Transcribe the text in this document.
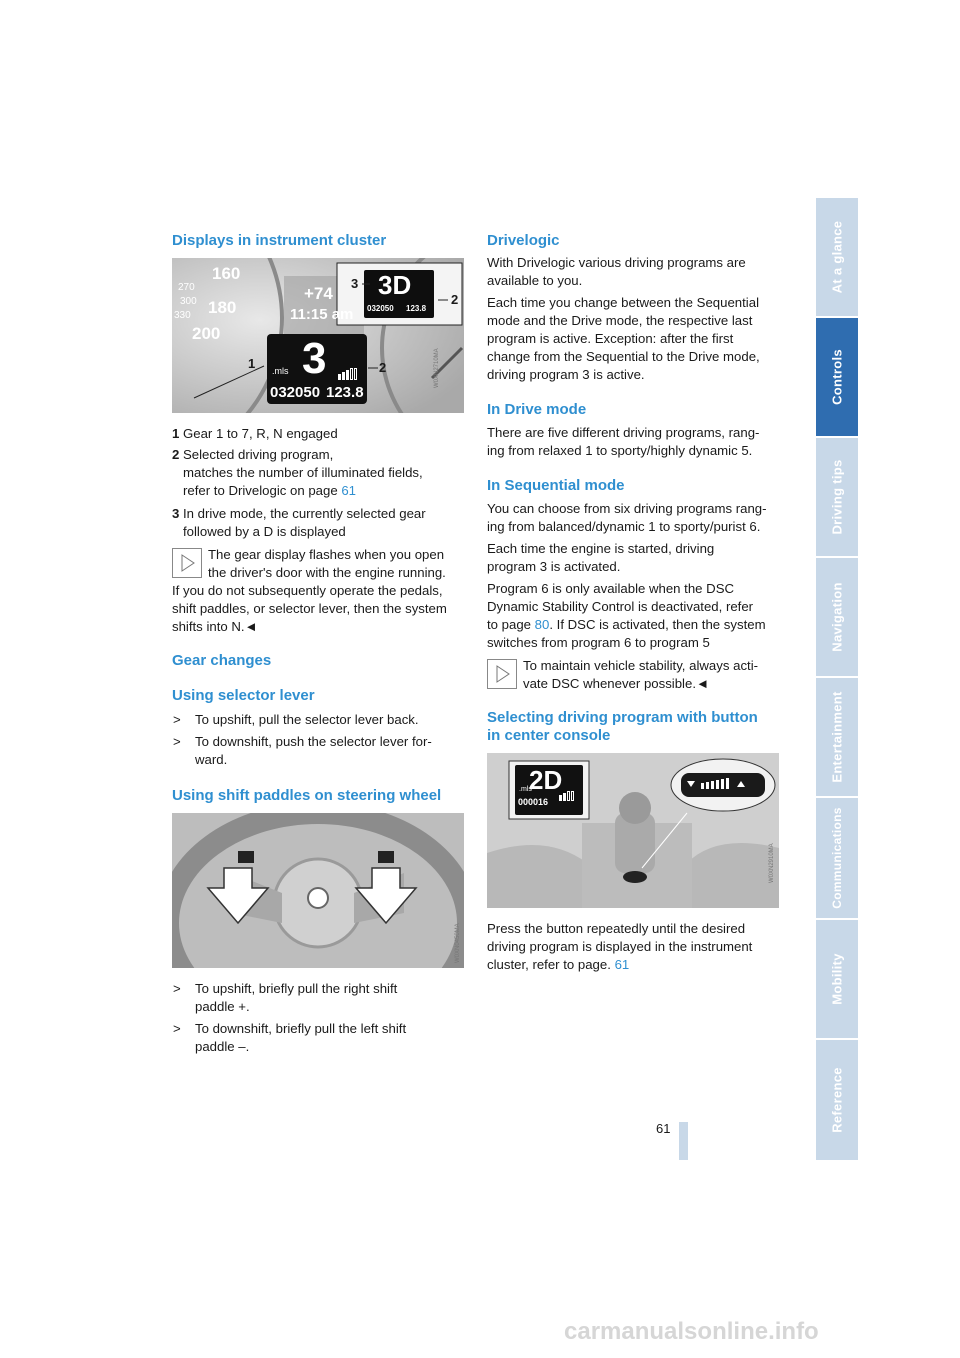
Displays in instrument cluster
160
270
180
300
200
330
+74
11:15 am
3
.mls
032050 123.8
3D
032050 123.8
1	2
3
2
W0XN2710MA
1 Gear 1 to 7, R, N engaged

2 Selected driving program,

matches the number of illuminated fields,

refer to Drivelogic on page 61

3 In drive mode, the currently selected gear

followed by a D is displayed

The gear display flashes when you open

the driver's door with the engine running.

If you do not subsequently operate the pedals,

shift paddles, or selector lever, then the system

shifts into N.◄

Gear changes
Using selector lever
> To upshift, pull the selector lever back.

> To downshift, push the selector lever for-

ward.

Using shift paddles on steering wheel
W0XN0450MA
> To upshift, briefly pull the right shift

paddle +.

> To downshift, briefly pull the left shift

paddle –.

Drivelogic

With Drivelogic various driving programs are

available to you.

Each time you change between the Sequential

mode and the Drive mode, the respective last

program is active. Exception: after the first

change from the Sequential to the Drive mode,

driving program 3 is active.

In Drive mode

There are five different driving programs, rang-

ing from relaxed 1 to sporty/highly dynamic 5.

In Sequential mode

You can choose from six driving programs rang-

ing from balanced/dynamic 1 to sporty/purist 6.

Each time the engine is started, driving

program 3 is activated.

Program 6 is only available when the DSC

Dynamic Stability Control is deactivated, refer

to page 80. If DSC is activated, then the system

switches from program 6 to program 5

To maintain vehicle stability, always acti-

vate DSC whenever possible.◄

Selecting driving program with button
in center console
2D
.mls
000016
W0XN2910MA

Press the button repeatedly until the desired

driving program is displayed in the instrument

cluster, refer to page. 61

61
At a glance
Controls
Driving tips
Navigation
Entertainment
Communications
Mobility
Reference
carmanualsonline.info
